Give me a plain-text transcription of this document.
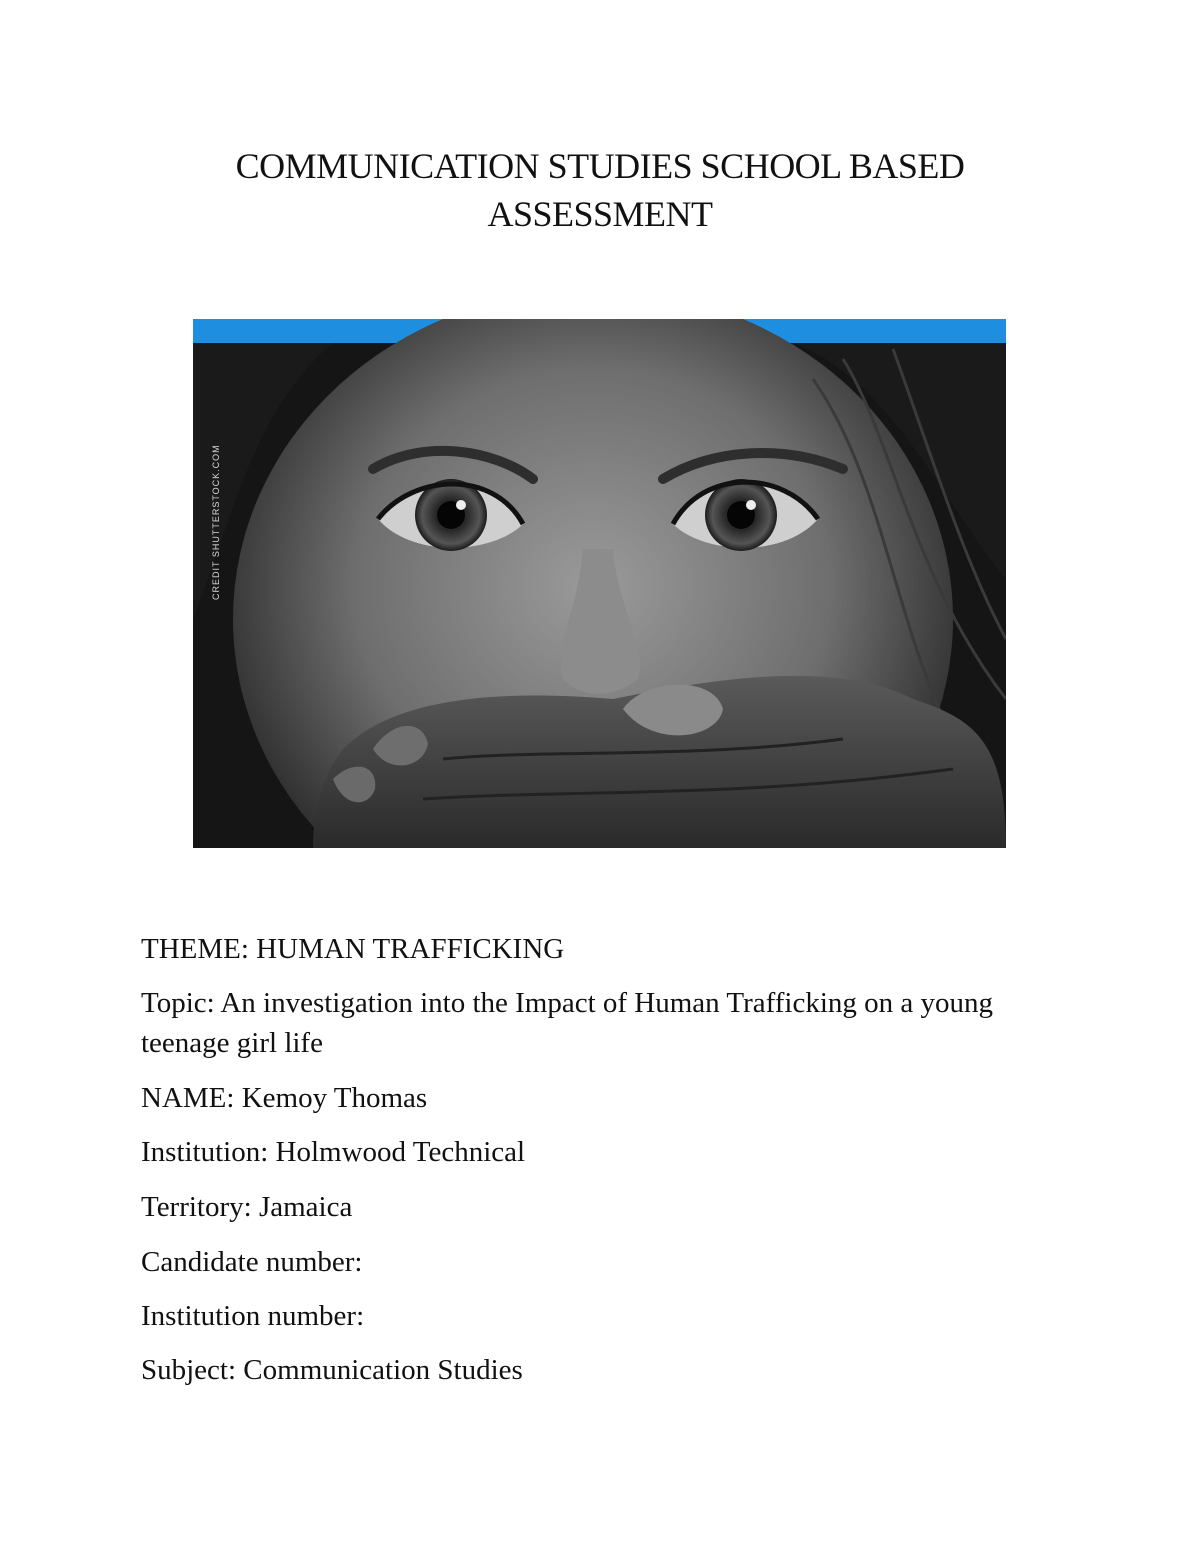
COMMUNICATION STUDIES SCHOOL BASED
ASSESSMENT
CREDIT SHUTTERSTOCK.COM

THEME: HUMAN TRAFFICKING

Topic: An investigation into the Impact of Human Trafficking on a young teenage girl life

NAME: Kemoy Thomas

Institution: Holmwood Technical

Territory: Jamaica

Candidate number:

Institution number:

Subject: Communication Studies
